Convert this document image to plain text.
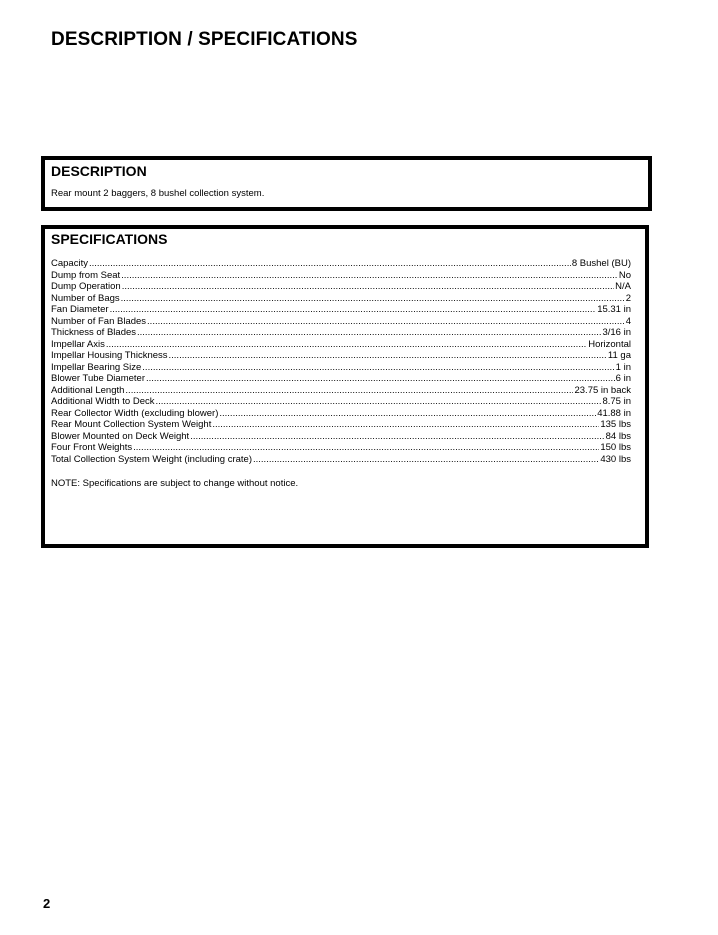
DESCRIPTION / SPECIFICATIONS
DESCRIPTION
Rear mount 2 baggers, 8 bushel collection system.
SPECIFICATIONS
Capacity .....	8 Bushel (BU)
Dump from Seat .....	No
Dump Operation .....	N/A
Number of Bags .....	2
Fan Diameter .....	15.31 in
Number of Fan Blades .....	4
Thickness of Blades .....	3/16 in
Impellar Axis .....	Horizontal
Impellar Housing Thickness .....	11 ga
Impellar Bearing Size .....	1 in
Blower Tube Diameter .....	6 in
Additional Length .....	23.75 in back
Additional Width to Deck .....	8.75 in
Rear Collector Width (excluding blower) .....	41.88 in
Rear Mount Collection System Weight .....	135 lbs
Blower Mounted on Deck Weight .....	84 lbs
Four Front Weights .....	150 lbs
Total Collection System Weight (including crate) .....	430 lbs
NOTE: Specifications are subject to change without notice.
2
